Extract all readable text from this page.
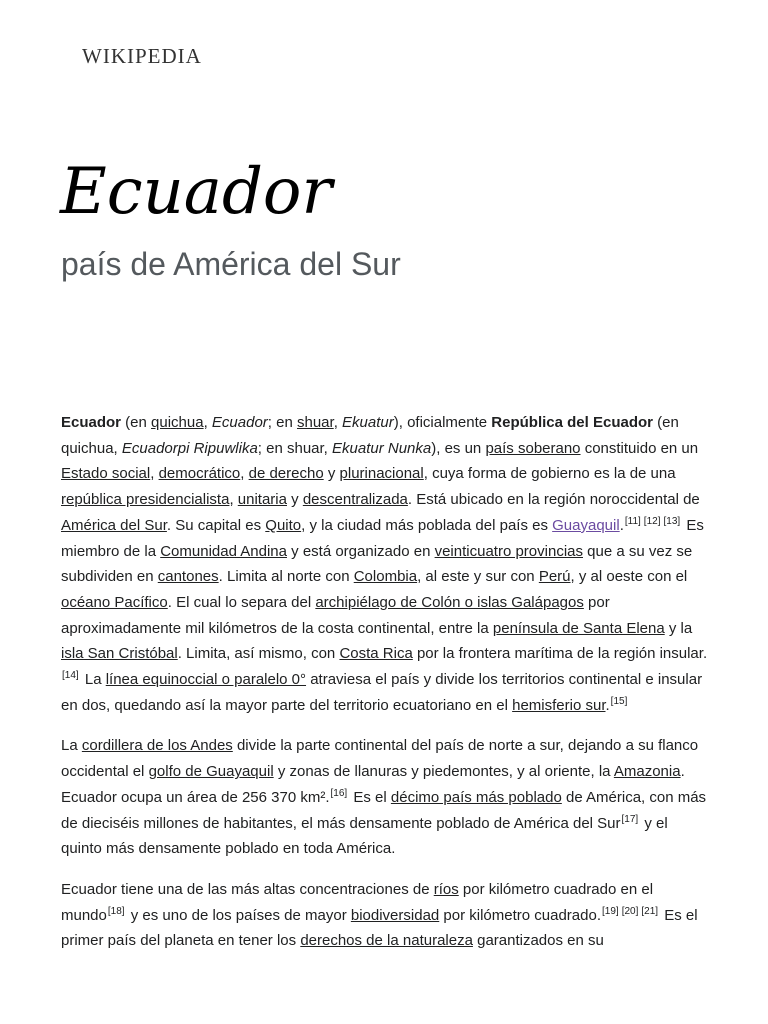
WIKIPEDIA
Ecuador
país de América del Sur

Ecuador (en quichua, Ecuador; en shuar, Ekuatur), oficialmente República del Ecuador (en quichua, Ecuadorpi Ripuwlika; en shuar, Ekuatur Nunka), es un país soberano constituido en un Estado social, democrático, de derecho y plurinacional, cuya forma de gobierno es la de una república presidencialista, unitaria y descentralizada. Está ubicado en la región noroccidental de América del Sur. Su capital es Quito, y la ciudad más poblada del país es Guayaquil.[11] [12] [13] Es miembro de la Comunidad Andina y está organizado en veinticuatro provincias que a su vez se subdividen en cantones. Limita al norte con Colombia, al este y sur con Perú, y al oeste con el océano Pacífico. El cual lo separa del archipiélago de Colón o islas Galápagos por aproximadamente mil kilómetros de la costa continental, entre la península de Santa Elena y la isla San Cristóbal. Limita, así mismo, con Costa Rica por la frontera marítima de la región insular.[14] La línea equinoccial o paralelo 0° atraviesa el país y divide los territorios continental e insular en dos, quedando así la mayor parte del territorio ecuatoriano en el hemisferio sur.[15]

La cordillera de los Andes divide la parte continental del país de norte a sur, dejando a su flanco occidental el golfo de Guayaquil y zonas de llanuras y piedemontes, y al oriente, la Amazonia. Ecuador ocupa un área de 256 370 km².[16] Es el décimo país más poblado de América, con más de dieciséis millones de habitantes, el más densamente poblado de América del Sur[17] y el quinto más densamente poblado en toda América.

Ecuador tiene una de las más altas concentraciones de ríos por kilómetro cuadrado en el mundo[18] y es uno de los países de mayor biodiversidad por kilómetro cuadrado.[19] [20] [21] Es el primer país del planeta en tener los derechos de la naturaleza garantizados en su
